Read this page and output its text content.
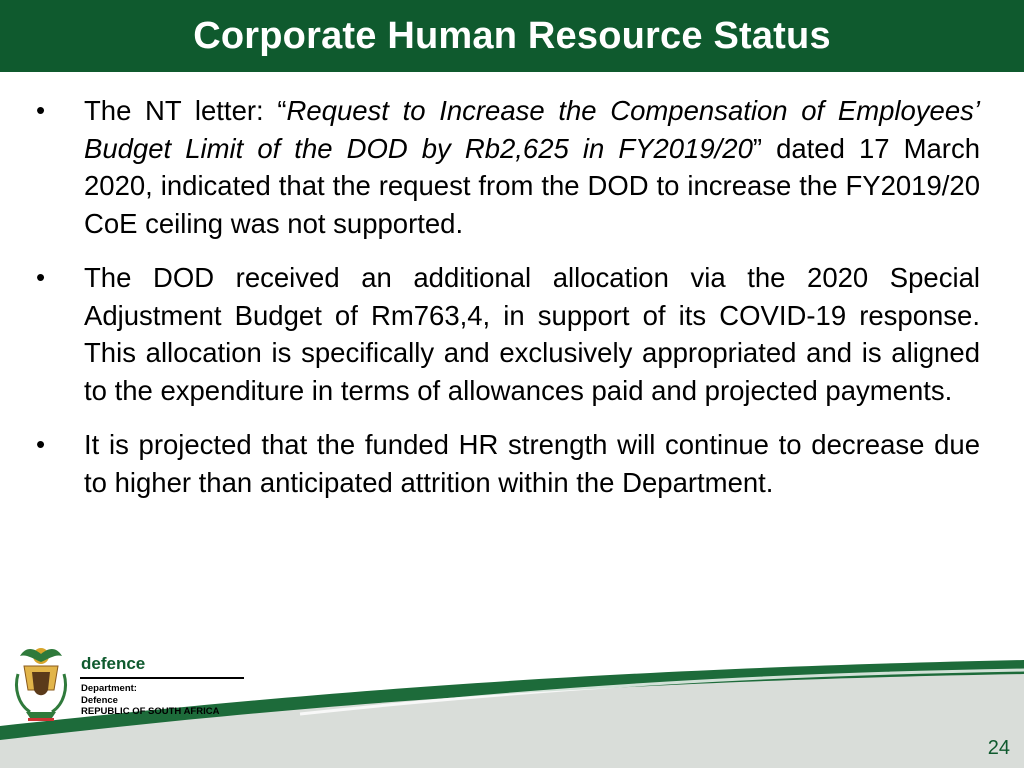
Corporate Human Resource Status
• The NT letter: “Request to Increase the Compensation of Employees’ Budget Limit of the DOD by Rb2,625 in FY2019/20” dated 17 March 2020, indicated that the request from the DOD to increase the FY2019/20 CoE ceiling was not supported.
• The DOD received an additional allocation via the 2020 Special Adjustment Budget of Rm763,4, in support of its COVID-19 response. This allocation is specifically and exclusively appropriated and is aligned to the expenditure in terms of allowances paid and projected payments.
• It is projected that the funded HR strength will continue to decrease due to higher than anticipated attrition within the Department.
defence
Department:
Defence
REPUBLIC OF SOUTH AFRICA
24
